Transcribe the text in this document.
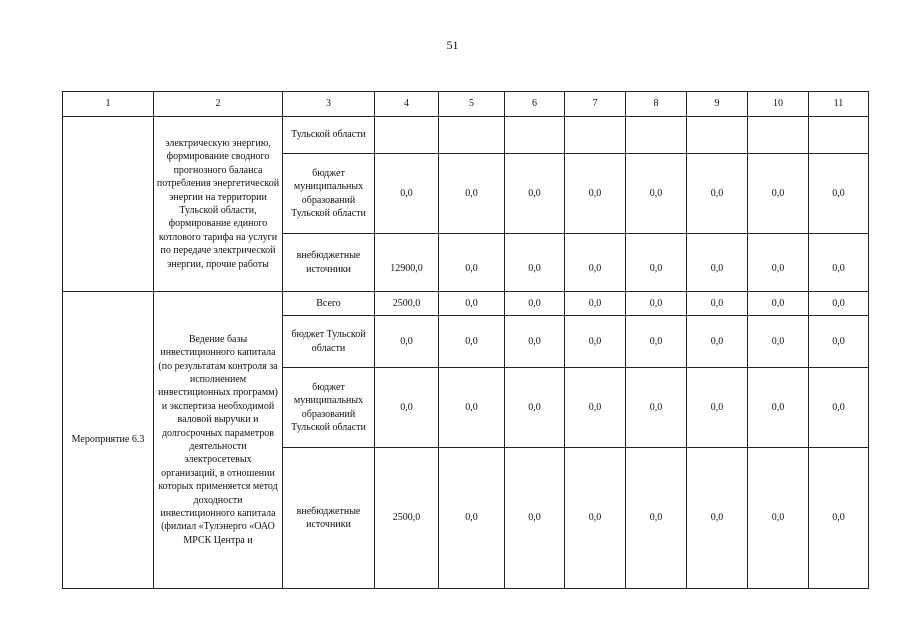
51
1	2	3	4	5	6	7	8	9	10	11
	электрическую энергию, формирование сводного прогнозного баланса потребления энергетической энергии на территории Тульской области, формирование единого котлового тарифа на услуги по передаче электрической энергии, прочие работы	Тульской области								
		бюджет муниципальных образований Тульской области	0,0	0,0	0,0	0,0	0,0	0,0	0,0	0,0
		внебюджетные источники	12900,0	0,0	0,0	0,0	0,0	0,0	0,0	0,0
Мероприятие 6.3	Ведение базы инвестиционного капитала (по результатам контроля за исполнением инвестиционных программ) и экспертиза необходимой валовой выручки и долгосрочных параметров деятельности электросетевых организаций, в отношении которых применяется метод доходности инвестиционного капитала (филиал «Тулэнерго «ОАО МРСК Центра и	Всего	2500,0	0,0	0,0	0,0	0,0	0,0	0,0	0,0
		бюджет Тульской области	0,0	0,0	0,0	0,0	0,0	0,0	0,0	0,0
		бюджет муниципальных образований Тульской области	0,0	0,0	0,0	0,0	0,0	0,0	0,0	0,0
		внебюджетные источники	2500,0	0,0	0,0	0,0	0,0	0,0	0,0	0,0
